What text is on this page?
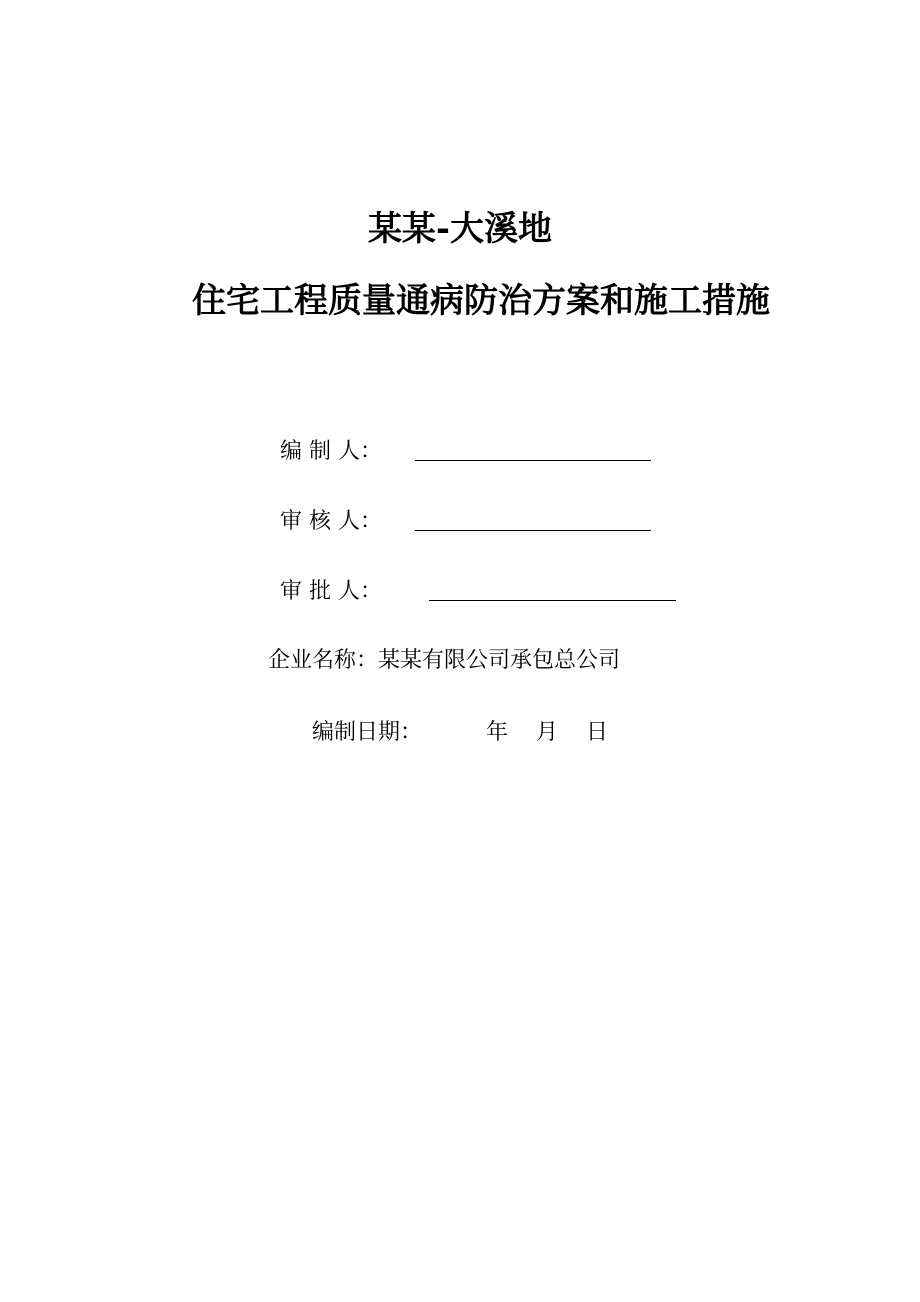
某某-大溪地
住宅工程质量通病防治方案和施工措施
编 制 人：
审 核 人：
审 批 人：
企业名称：某某有限公司承包总公司
编制日期：	年 月 日
